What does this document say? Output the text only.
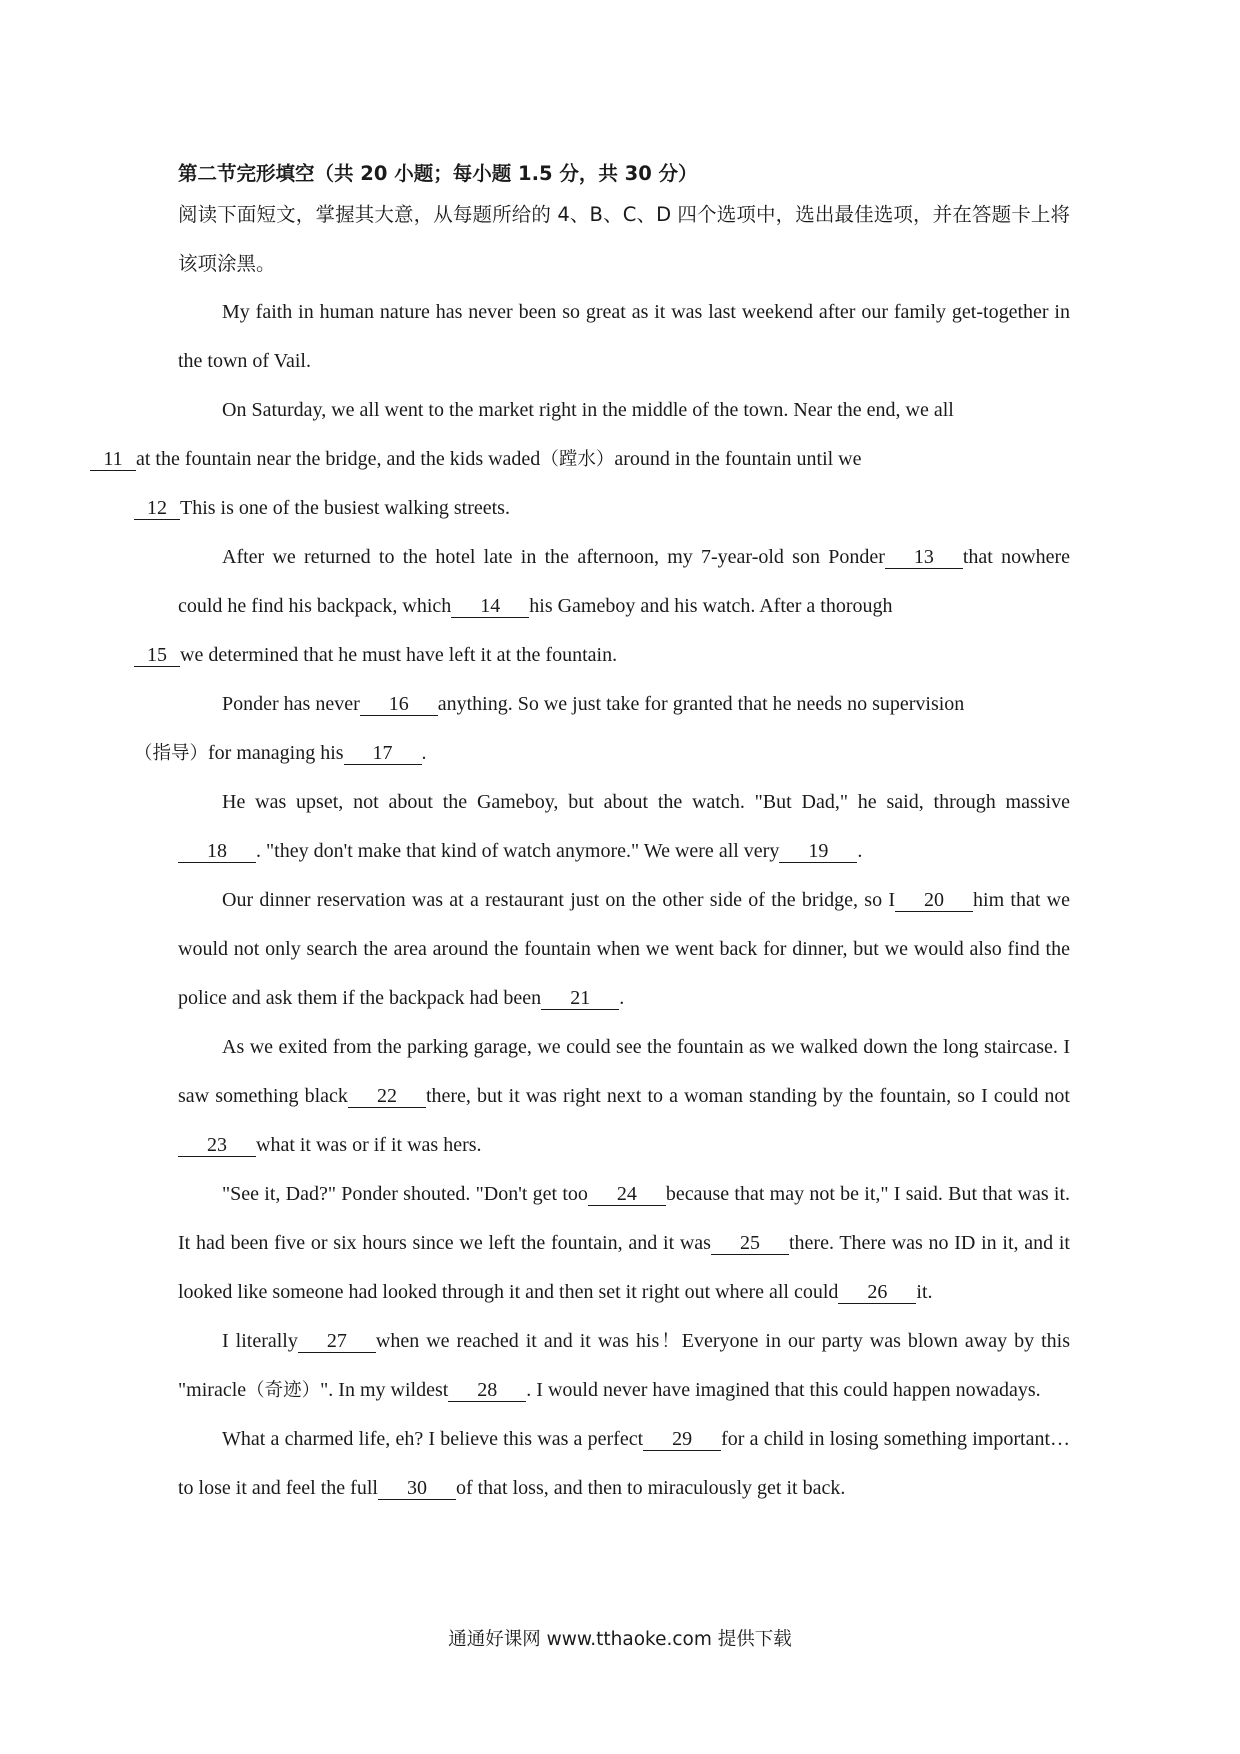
第二节完形填空（共 20 小题；每小题 1.5 分，共 30 分）

阅读下面短文，掌握其大意，从每题所给的 4、B、C、D 四个选项中，选出最佳选项，并在答题卡上将该项涂黑。

My faith in human nature has never been so great as it was last weekend after our family get-together in the town of Vail.

On Saturday, we all went to the market right in the middle of the town. Near the end, we all
11 at the fountain near the bridge, and the kids waded（蹚水）around in the fountain until we
12 This is one of the busiest walking streets.

After we returned to the hotel late in the afternoon, my 7-year-old son Ponder 13 that nowhere could he find his backpack, which 14 his Gameboy and his watch. After a thorough
15 we determined that he must have left it at the fountain.

Ponder has never 16 anything. So we just take for granted that he needs no supervision
（指导）for managing his 17 .

He was upset, not about the Gameboy, but about the watch. "But Dad," he said, through massive18 . "they don't make that kind of watch anymore." We were all very 19 .

Our dinner reservation was at a restaurant just on the other side of the bridge, so I 20 him that we would not only search the area around the fountain when we went back for dinner, but we would also find the police and ask them if the backpack had been 21 .

As we exited from the parking garage, we could see the fountain as we walked down the long staircase. I saw something black 22 there, but it was right next to a woman standing by the fountain, so I could not23 what it was or if it was hers.

"See it, Dad?" Ponder shouted. "Don't get too 24 because that may not be it," I said. But that was it. It had been five or six hours since we left the fountain, and it was 25 there. There was no ID in it, and it looked like someone had looked through it and then set it right out where all could 26 it.

I literally 27 when we reached it and it was his！Everyone in our party was blown away by this "miracle（奇迹）". In my wildest 28 . I would never have imagined that this could happen nowadays.

What a charmed life, eh? I believe this was a perfect 29 for a child in losing something important…to lose it and feel the full 30 of that loss, and then to miraculously get it back.

通通好课网 www.tthaoke.com 提供下载
